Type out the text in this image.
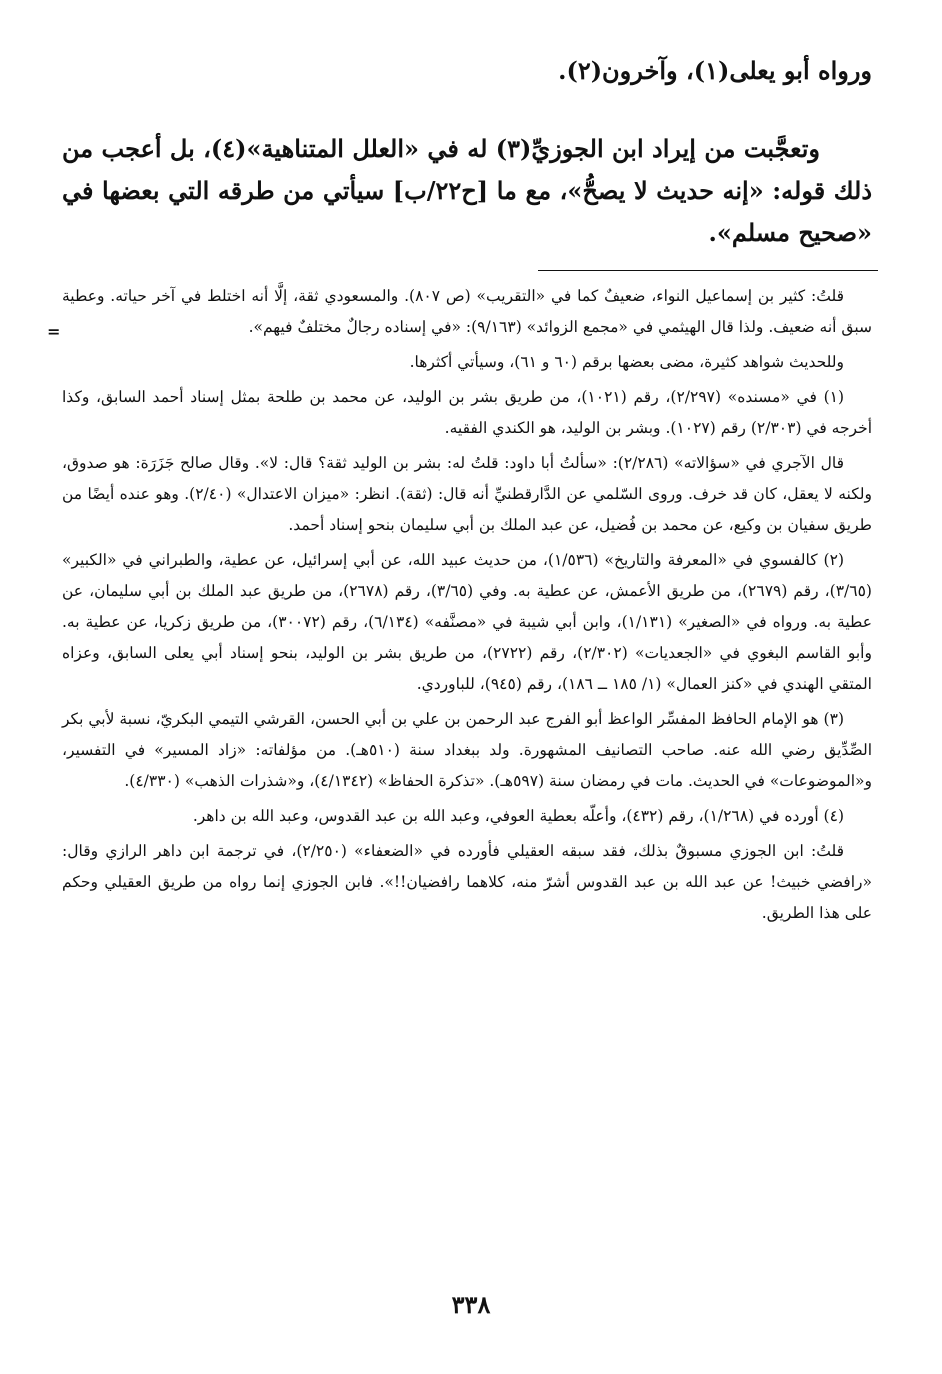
ورواه أبو يعلى(١)، وآخرون(٢).

وتعجَّبت من إيراد ابن الجوزيِّ(٣) له في «العلل المتناهية»(٤)، بل أعجب من ذلك قوله: «إنه حديث لا يصحُّ»، مع ما [ح٢٢/ب] سيأتي من طرقه التي بعضها في «صحيح مسلم».

=

قلتُ: كثير بن إسماعيل النواء، ضعيفٌ كما في «التقريب» (ص ٨٠٧). والمسعودي ثقة، إلَّا أنه اختلط في آخر حياته. وعطية سبق أنه ضعيف. ولذا قال الهيثمي في «مجمع الزوائد» (٩/١٦٣): «في إسناده رجالٌ مختلفٌ فيهم».

وللحديث شواهد كثيرة، مضى بعضها برقم (٦٠ و ٦١)، وسيأتي أكثرها.

(١) في «مسنده» (٢/٢٩٧)، رقم (١٠٢١)، من طريق بشر بن الوليد، عن محمد بن طلحة بمثل إسناد أحمد السابق، وكذا أخرجه في (٢/٣٠٣) رقم (١٠٢٧). وبشر بن الوليد، هو الكندي الفقيه.

قال الآجري في «سؤالاته» (٢/٢٨٦): «سألتُ أبا داود: قلتُ له: بشر بن الوليد ثقة؟ قال: لا». وقال صالح جَزَرَة: هو صدوق، ولكنه لا يعقل، كان قد خرف. وروى السّلمي عن الدَّارقطنيِّ أنه قال: (ثقة). انظر: «ميزان الاعتدال» (٢/٤٠). وهو عنده أيضًا من طريق سفيان بن وكيع، عن محمد بن فُضيل، عن عبد الملك بن أبي سليمان بنحو إسناد أحمد.

(٢) كالفسوي في «المعرفة والتاريخ» (١/٥٣٦)، من حديث عبيد الله، عن أبي إسرائيل، عن عطية، والطبراني في «الكبير» (٣/٦٥)، رقم (٢٦٧٩)، من طريق الأعمش، عن عطية به. وفي (٣/٦٥)، رقم (٢٦٧٨)، من طريق عبد الملك بن أبي سليمان، عن عطية به. ورواه في «الصغير» (١/١٣١)، وابن أبي شيبة في «مصنَّفه» (٦/١٣٤)، رقم (٣٠٠٧٢)، من طريق زكريا، عن عطية به. وأبو القاسم البغوي في «الجعديات» (٢/٣٠٢)، رقم (٢٧٢٢)، من طريق بشر بن الوليد، بنحو إسناد أبي يعلى السابق، وعزاه المتقي الهندي في «كنز العمال» (١/ ١٨٥ ــ ١٨٦)، رقم (٩٤٥)، للباوردي.

(٣) هو الإمام الحافظ المفسِّر الواعظ أبو الفرج عبد الرحمن بن علي بن أبي الحسن، القرشي التيمي البكريّ، نسبة لأبي بكر الصِّدِّيق رضي الله عنه. صاحب التصانيف المشهورة. ولد ببغداد سنة (٥١٠هـ). من مؤلفاته: «زاد المسير» في التفسير، و«الموضوعات» في الحديث. مات في رمضان سنة (٥٩٧هـ). «تذكرة الحفاظ» (٤/١٣٤٢)، و«شذرات الذهب» (٤/٣٣٠).

(٤) أورده في (١/٢٦٨)، رقم (٤٣٢)، وأعلّه بعطية العوفي، وعبد الله بن عبد القدوس، وعبد الله بن داهر.

قلتُ: ابن الجوزي مسبوقٌ بذلك، فقد سبقه العقيلي فأورده في «الضعفاء» (٢/٢٥٠)، في ترجمة ابن داهر الرازي وقال: «رافضي خبيث! عن عبد الله بن عبد القدوس أشرّ منه، كلاهما رافضيان!!». فابن الجوزي إنما رواه من طريق العقيلي وحكم على هذا الطريق.

٣٣٨
